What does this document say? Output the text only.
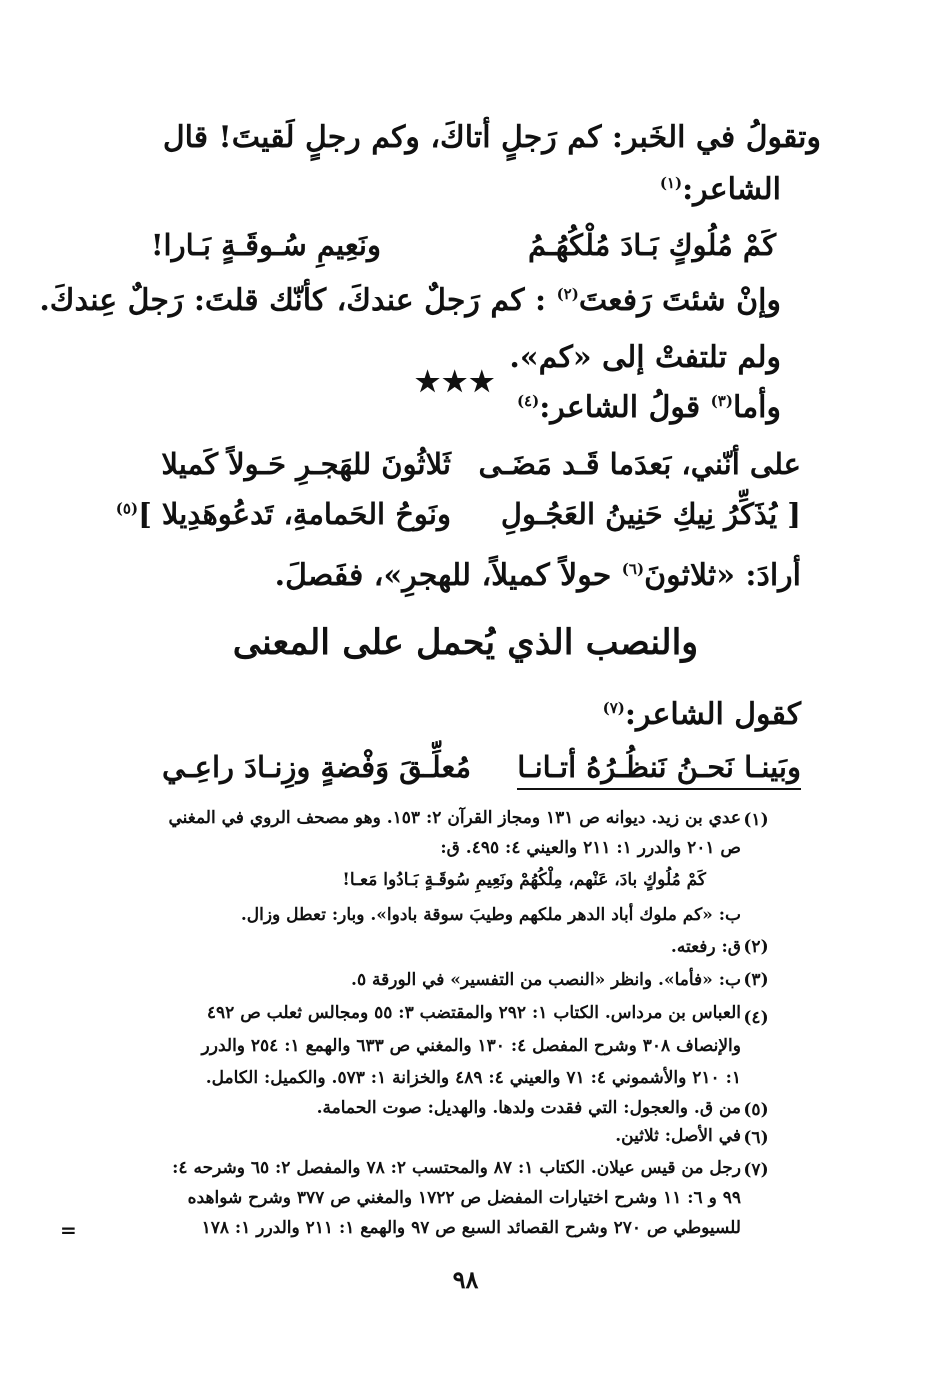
وتقولُ في الخَبر: كم رَجلٍ أتاكَ، وكم رجلٍ لَقيتَ! قال
الشاعر:$^{(١)}$
كَمْ مُلُوكٍ بَـادَ مُلْكُهُـمُ
ونَعِيمِ سُـوقَـةٍ بَـارا!
وإنْ شئتَ رَفعتَ$^{(٢)}$ : كم رَجلٌ عندكَ، كأنّك قلتَ: رَجلٌ عِندكَ.
ولم تلتفتْ إلى «كم».
★★★
وأما$^{(٣)}$ قولُ الشاعر:$^{(٤)}$
على أنّني، بَعدَما قَـد مَضَـى
ثَلاثُونَ للهَجـرِ حَـولاً كَميلا
[ يُذَكِّرُ نِيكِ حَنِينُ العَجُـولِ
ونَوحُ الحَمامةِ، تَدعُوهَدِيلا ]$^{(٥)}$
أرادَ: «ثلاثونَ$^{(٦)}$ حولاً كميلاً، للهجرِ»، ففَصلَ.
والنصب الذي يُحمل على المعنى
كقول الشاعر:$^{(٧)}$
وبَينـا نَحـنُ نَنظُـرُهُ أتـانـا
مُعلِّـقَ وَفْضةٍ وزِنـادَ راعِـي
(١)
عدي بن زيد. ديوانه ص ١٣١ ومجاز القرآن ٢: ١٥٣. وهو مصحف الروي في المغني
ص ٢٠١ والدرر ١: ٢١١ والعيني ٤: ٤٩٥. ق:
كَمْ مُلُوكٍ بادَ، عَنْهم، مِلْكُهُمْ ونَعِيمِ سُوقَـةٍ بَـادُوا مَعـا!
ب: «كم ملوك أباد الدهر ملكهم وطيبَ سوقة بادوا». وبار: تعطل وزال.
(٢)
ق: رفعته.
(٣)
ب: «فأما». وانظر «النصب من التفسير» في الورقة ٥.
(٤)
العباس بن مرداس. الكتاب ١: ٢٩٢ والمقتضب ٣: ٥٥ ومجالس ثعلب ص ٤٩٢
والإنصاف ٣٠٨ وشرح المفصل ٤: ١٣٠ والمغني ص ٦٣٣ والهمع ١: ٢٥٤ والدرر
١: ٢١٠ والأشموني ٤: ٧١ والعيني ٤: ٤٨٩ والخزانة ١: ٥٧٣. والكميل: الكامل.
(٥)
من ق. والعجول: التي فقدت ولدها. والهديل: صوت الحمامة.
(٦)
في الأصل: ثلاثين.
(٧)
رجل من قيس عيلان. الكتاب ١: ٨٧ والمحتسب ٢: ٧٨ والمفصل ٢: ٦٥ وشرحه ٤:
٩٩ و ٦: ١١ وشرح اختيارات المفضل ص ١٧٢٢ والمغني ص ٣٧٧ وشرح شواهده
للسيوطي ص ٢٧٠ وشرح القصائد السبع ص ٩٧ والهمع ١: ٢١١ والدرر ١: ١٧٨
=
٩٨
